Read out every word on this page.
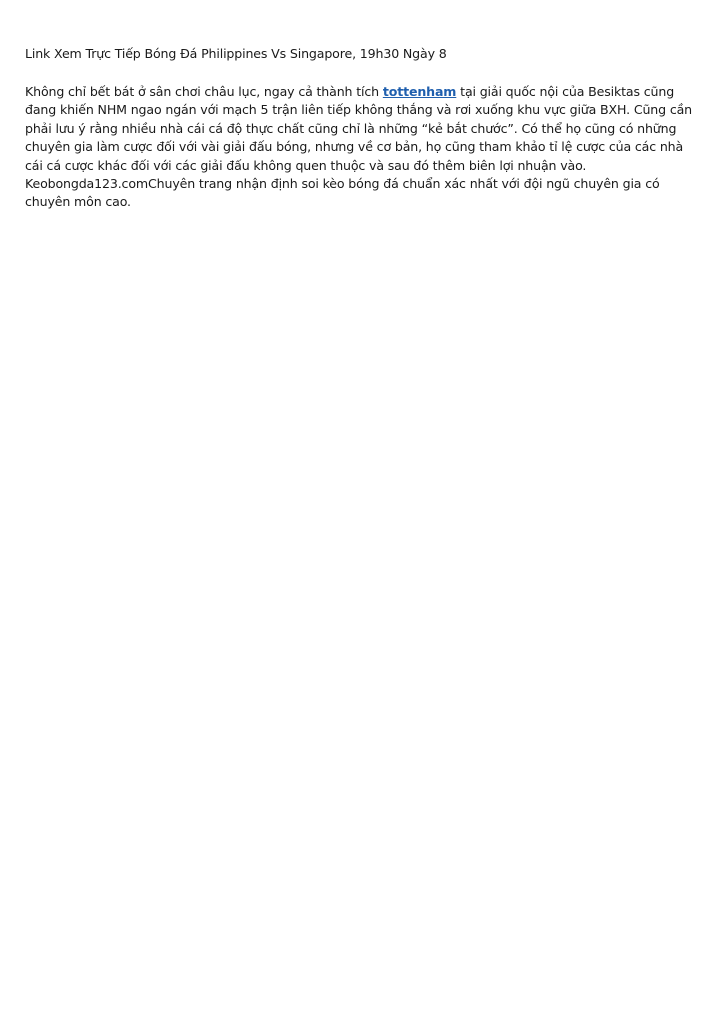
Link Xem Trực Tiếp Bóng Đá Philippines Vs Singapore, 19h30 Ngày 8

Không chỉ bết bát ở sân chơi châu lục, ngay cả thành tích tottenham tại giải quốc nội của Besiktas cũng đang khiến NHM ngao ngán với mạch 5 trận liên tiếp không thắng và rơi xuống khu vực giữa BXH. Cũng cần phải lưu ý rằng nhiều nhà cái cá độ thực chất cũng chỉ là những “kẻ bắt chước”. Có thể họ cũng có những chuyên gia làm cược đối với vài giải đấu bóng, nhưng về cơ bản, họ cũng tham khảo tỉ lệ cược của các nhà cái cá cược khác đối với các giải đấu không quen thuộc và sau đó thêm biên lợi nhuận vào. Keobongda123.comChuyên trang nhận định soi kèo bóng đá chuẩn xác nhất với đội ngũ chuyên gia có chuyên môn cao.
